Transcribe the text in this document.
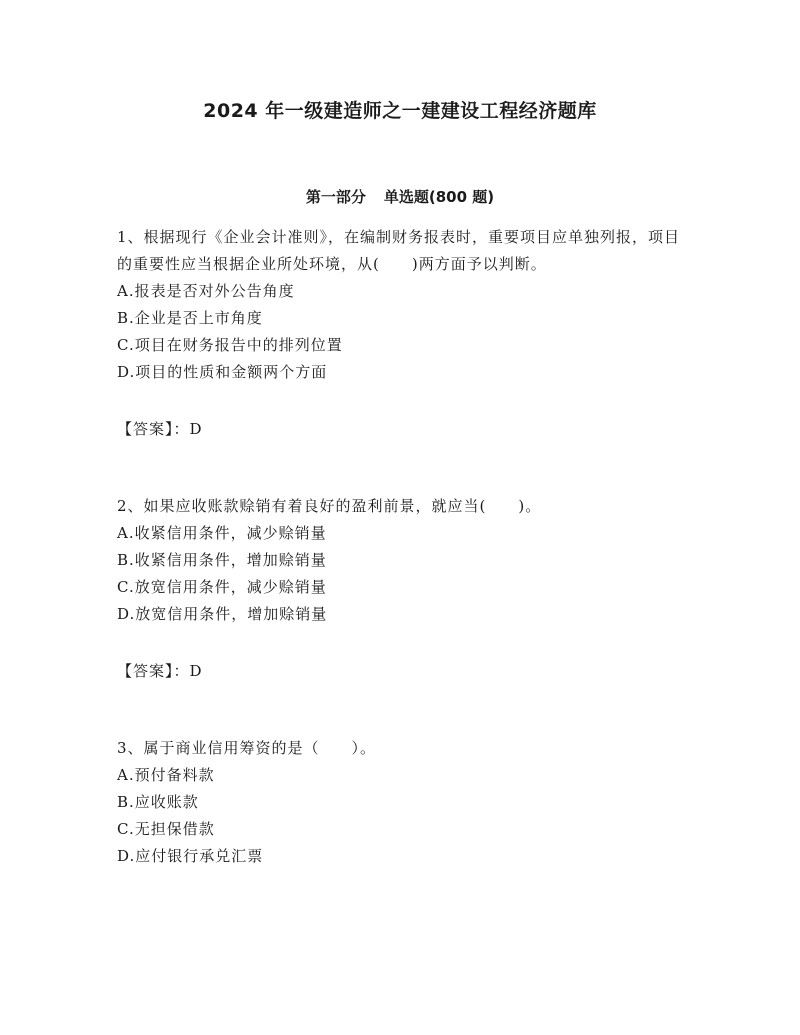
2024 年一级建造师之一建建设工程经济题库
第一部分 单选题(800 题)

1、根据现行《企业会计准则》，在编制财务报表时，重要项目应单独列报，项目的重要性应当根据企业所处环境，从(　　)两方面予以判断。

A.报表是否对外公告角度

B.企业是否上市角度

C.项目在财务报告中的排列位置

D.项目的性质和金额两个方面

【答案】：D

2、如果应收账款赊销有着良好的盈利前景，就应当(　　)。

A.收紧信用条件，减少赊销量

B.收紧信用条件，增加赊销量

C.放宽信用条件，减少赊销量

D.放宽信用条件，增加赊销量

【答案】：D

3、属于商业信用筹资的是（　　）。

A.预付备料款

B.应收账款

C.无担保借款

D.应付银行承兑汇票
